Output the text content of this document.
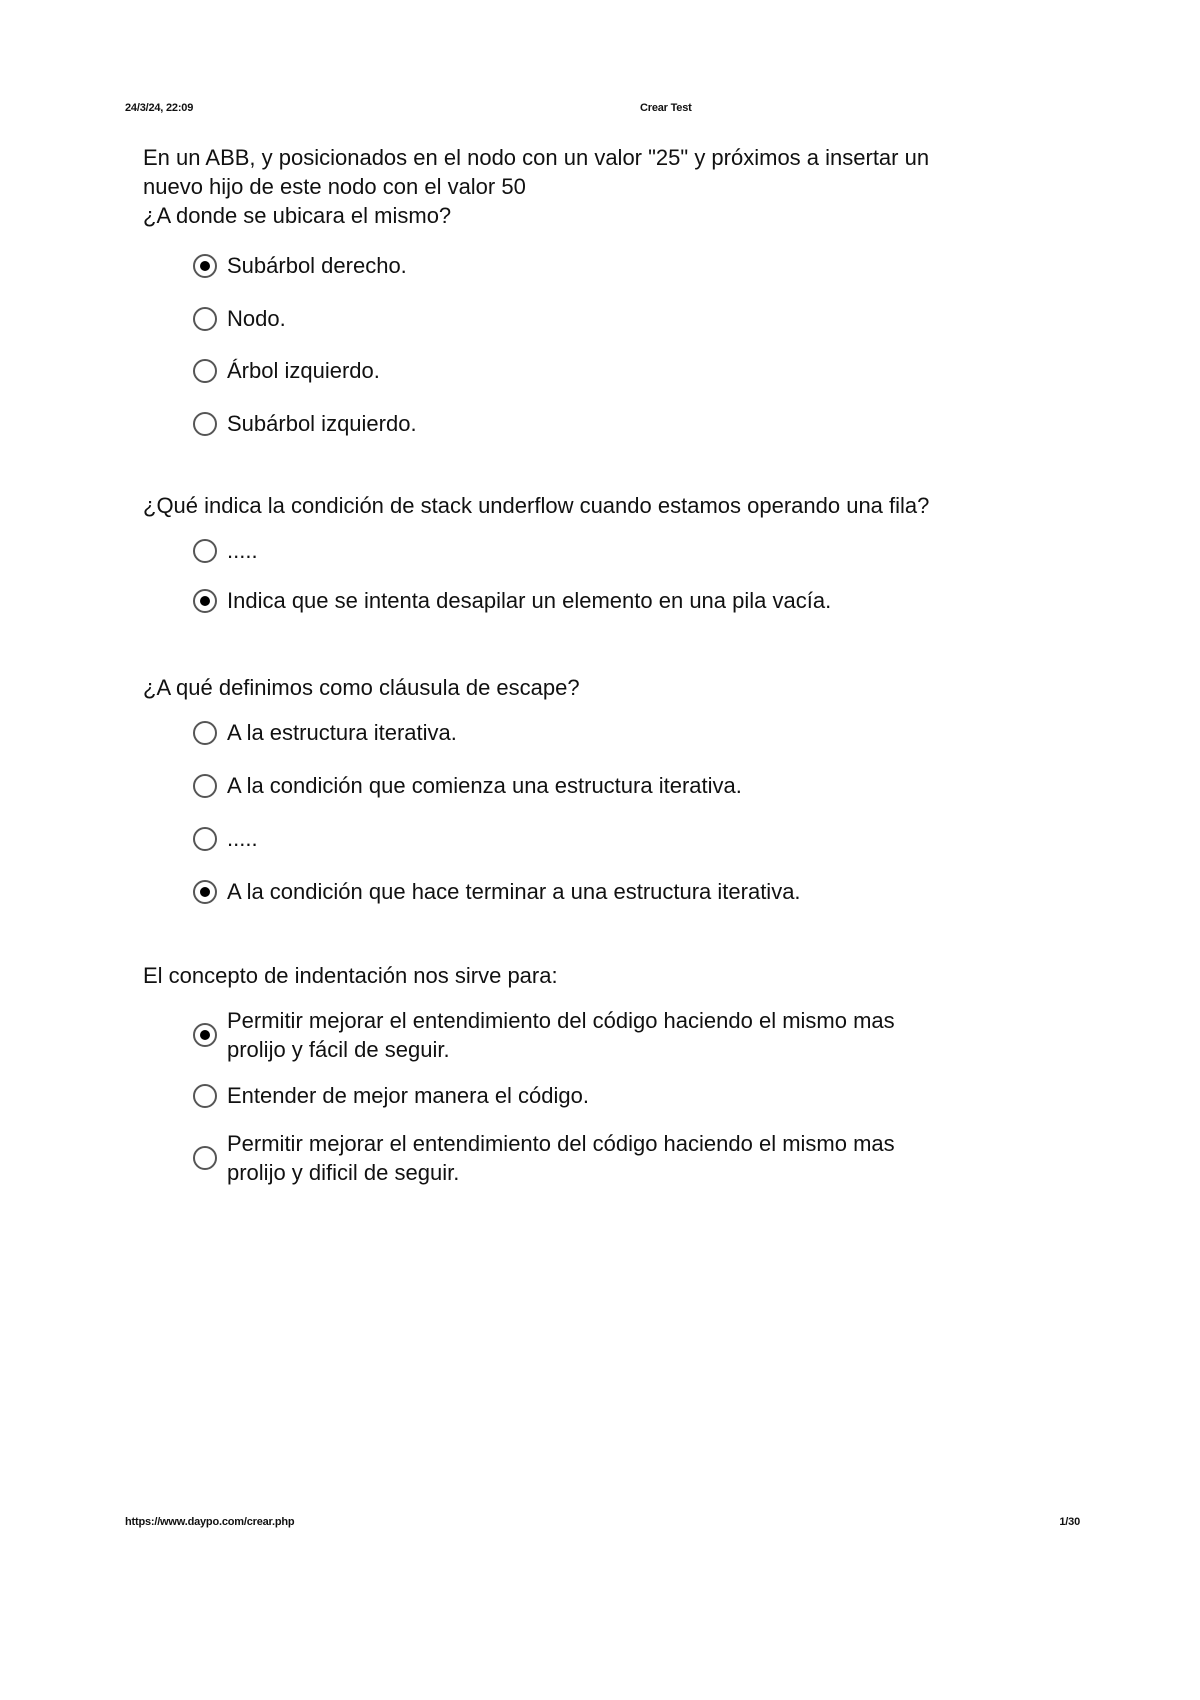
24/3/24, 22:09	Crear Test

En un ABB, y posicionados en el nodo con un valor "25" y próximos a insertar un
nuevo hijo de este nodo con el valor 50
¿A donde se ubicara el mismo?

Subárbol derecho.
Nodo.
Árbol izquierdo.
Subárbol izquierdo.

¿Qué indica la condición de stack underflow cuando estamos operando una fila?

.....
Indica que se intenta desapilar un elemento en una pila vacía.

¿A qué definimos como cláusula de escape?

A la estructura iterativa.
A la condición que comienza una estructura iterativa.
.....
A la condición que hace terminar a una estructura iterativa.

El concepto de indentación nos sirve para:

Permitir mejorar el entendimiento del código haciendo el mismo mas
prolijo y fácil de seguir.
Entender de mejor manera el código.
Permitir mejorar el entendimiento del código haciendo el mismo mas
prolijo y dificil de seguir.
https://www.daypo.com/crear.php	1/30
